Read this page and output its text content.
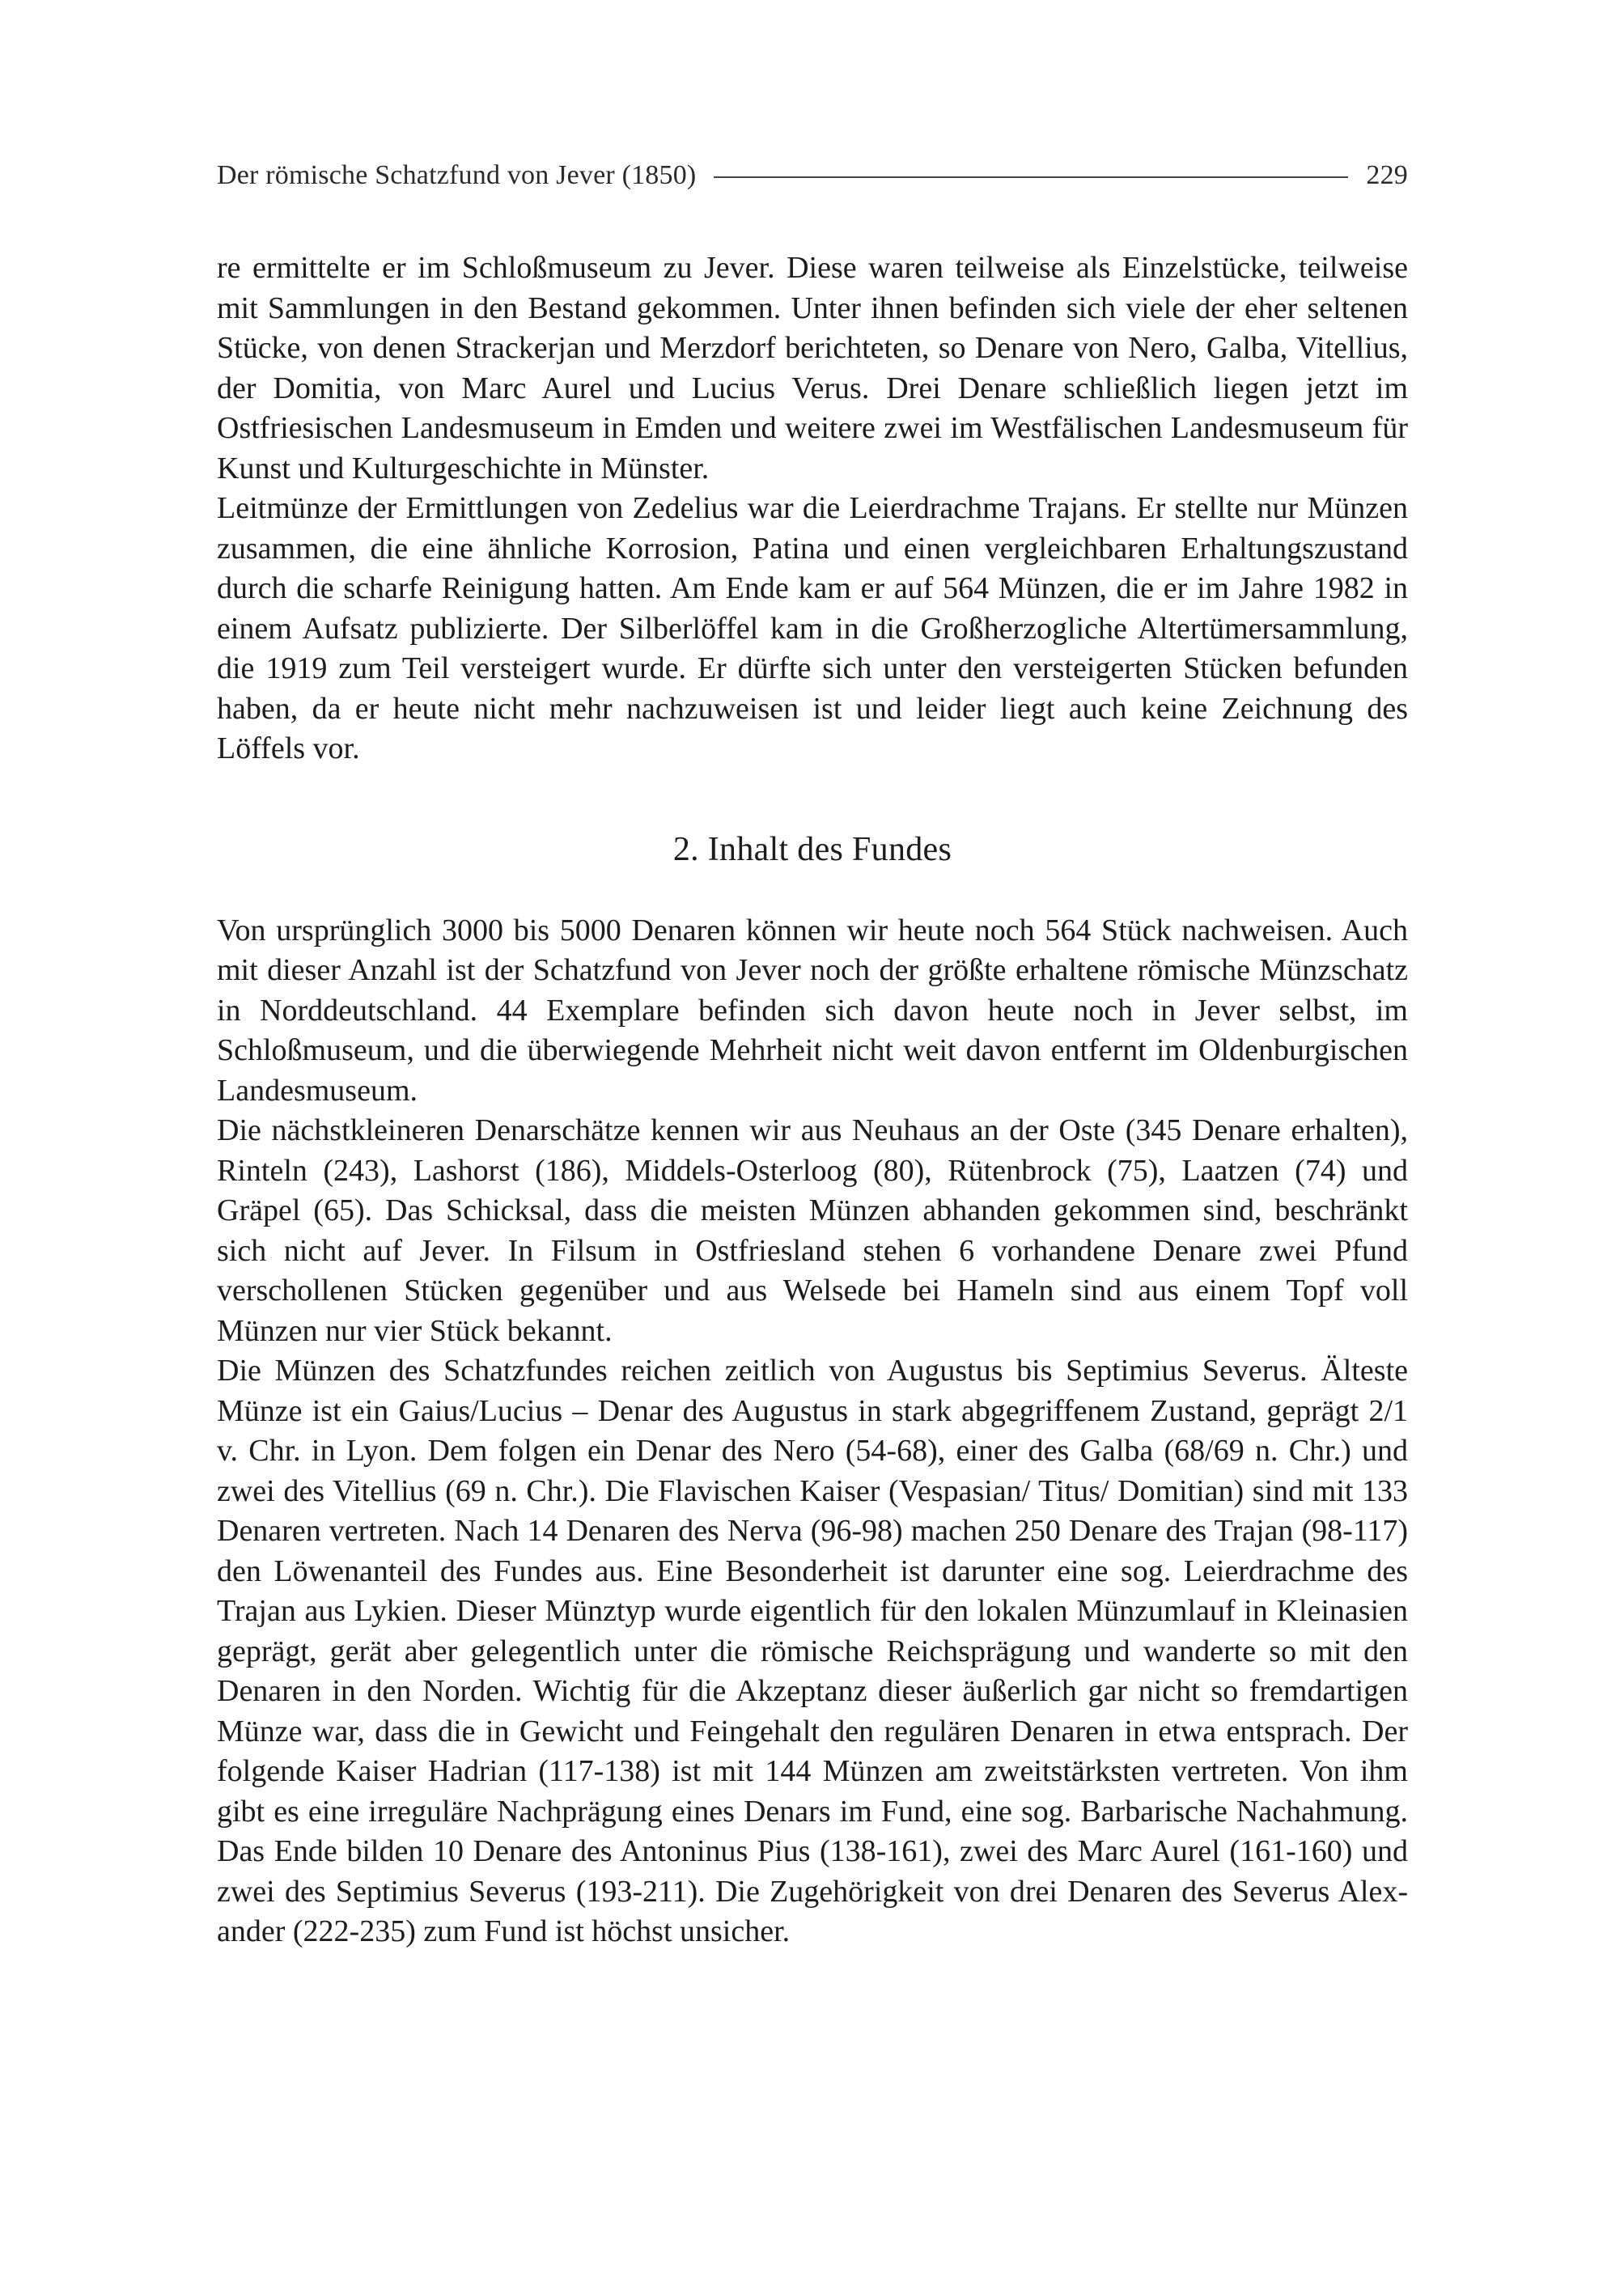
Der römische Schatzfund von Jever (1850)	229

re ermittelte er im Schloßmuseum zu Jever. Diese waren teilweise als Einzelstücke, teilweise mit Sammlungen in den Bestand gekommen. Unter ihnen befinden sich viele der eher seltenen Stücke, von denen Strackerjan und Merzdorf berichteten, so Denare von Nero, Galba, Vitellius, der Domitia, von Marc Aurel und Lucius Verus. Drei Denare schließlich liegen jetzt im Ostfriesischen Landesmuseum in Emden und weitere zwei im Westfälischen Landesmuseum für Kunst und Kulturgeschichte in Münster.

Leitmünze der Ermittlungen von Zedelius war die Leierdrachme Trajans. Er stellte nur Münzen zusammen, die eine ähnliche Korrosion, Patina und einen vergleichbaren Erhaltungszustand durch die scharfe Reinigung hatten. Am Ende kam er auf 564 Münzen, die er im Jahre 1982 in einem Aufsatz publizierte. Der Silberlöffel kam in die Großherzogliche Altertümersammlung, die 1919 zum Teil versteigert wurde. Er dürfte sich unter den versteigerten Stücken befunden haben, da er heute nicht mehr nachzuweisen ist und leider liegt auch keine Zeichnung des Löffels vor.

2. Inhalt des Fundes

Von ursprünglich 3000 bis 5000 Denaren können wir heute noch 564 Stück nachweisen. Auch mit dieser Anzahl ist der Schatzfund von Jever noch der größte erhaltene römische Münzschatz in Norddeutschland. 44 Exemplare befinden sich davon heute noch in Jever selbst, im Schloßmuseum, und die überwiegende Mehrheit nicht weit davon entfernt im Oldenburgischen Landesmuseum.

Die nächstkleineren Denarschätze kennen wir aus Neuhaus an der Oste (345 Denare erhalten), Rinteln (243), Lashorst (186), Middels-Osterloog (80), Rütenbrock (75), Laatzen (74) und Gräpel (65). Das Schicksal, dass die meisten Münzen abhanden gekommen sind, beschränkt sich nicht auf Jever. In Filsum in Ostfriesland stehen 6 vorhandene Denare zwei Pfund verschollenen Stücken gegenüber und aus Welsede bei Hameln sind aus einem Topf voll Münzen nur vier Stück bekannt.

Die Münzen des Schatzfundes reichen zeitlich von Augustus bis Septimius Severus. Älteste Münze ist ein Gaius/Lucius – Denar des Augustus in stark abgegriffenem Zustand, geprägt 2/1 v. Chr. in Lyon. Dem folgen ein Denar des Nero (54-68), einer des Galba (68/69 n. Chr.) und zwei des Vitellius (69 n. Chr.). Die Flavischen Kaiser (Vespasian/ Titus/ Domitian) sind mit 133 Denaren vertreten. Nach 14 Denaren des Nerva (96-98) machen 250 Denare des Trajan (98-117) den Löwenanteil des Fundes aus. Eine Besonderheit ist darunter eine sog. Leierdrachme des Trajan aus Lykien. Dieser Münztyp wurde eigentlich für den lokalen Münzumlauf in Kleinasien geprägt, gerät aber gelegentlich unter die römische Reichsprägung und wanderte so mit den Denaren in den Norden. Wichtig für die Akzeptanz dieser äußerlich gar nicht so fremdartigen Münze war, dass die in Gewicht und Feingehalt den regulären Denaren in etwa entsprach. Der folgende Kaiser Hadrian (117-138) ist mit 144 Münzen am zweitstärksten vertreten. Von ihm gibt es eine irreguläre Nachprägung eines Denars im Fund, eine sog. Barbarische Nachahmung. Das Ende bilden 10 Denare des Antoninus Pius (138-161), zwei des Marc Aurel (161-160) und zwei des Septimius Severus (193-211). Die Zugehörigkeit von drei Denaren des Severus Alexander (222-235) zum Fund ist höchst unsicher.
